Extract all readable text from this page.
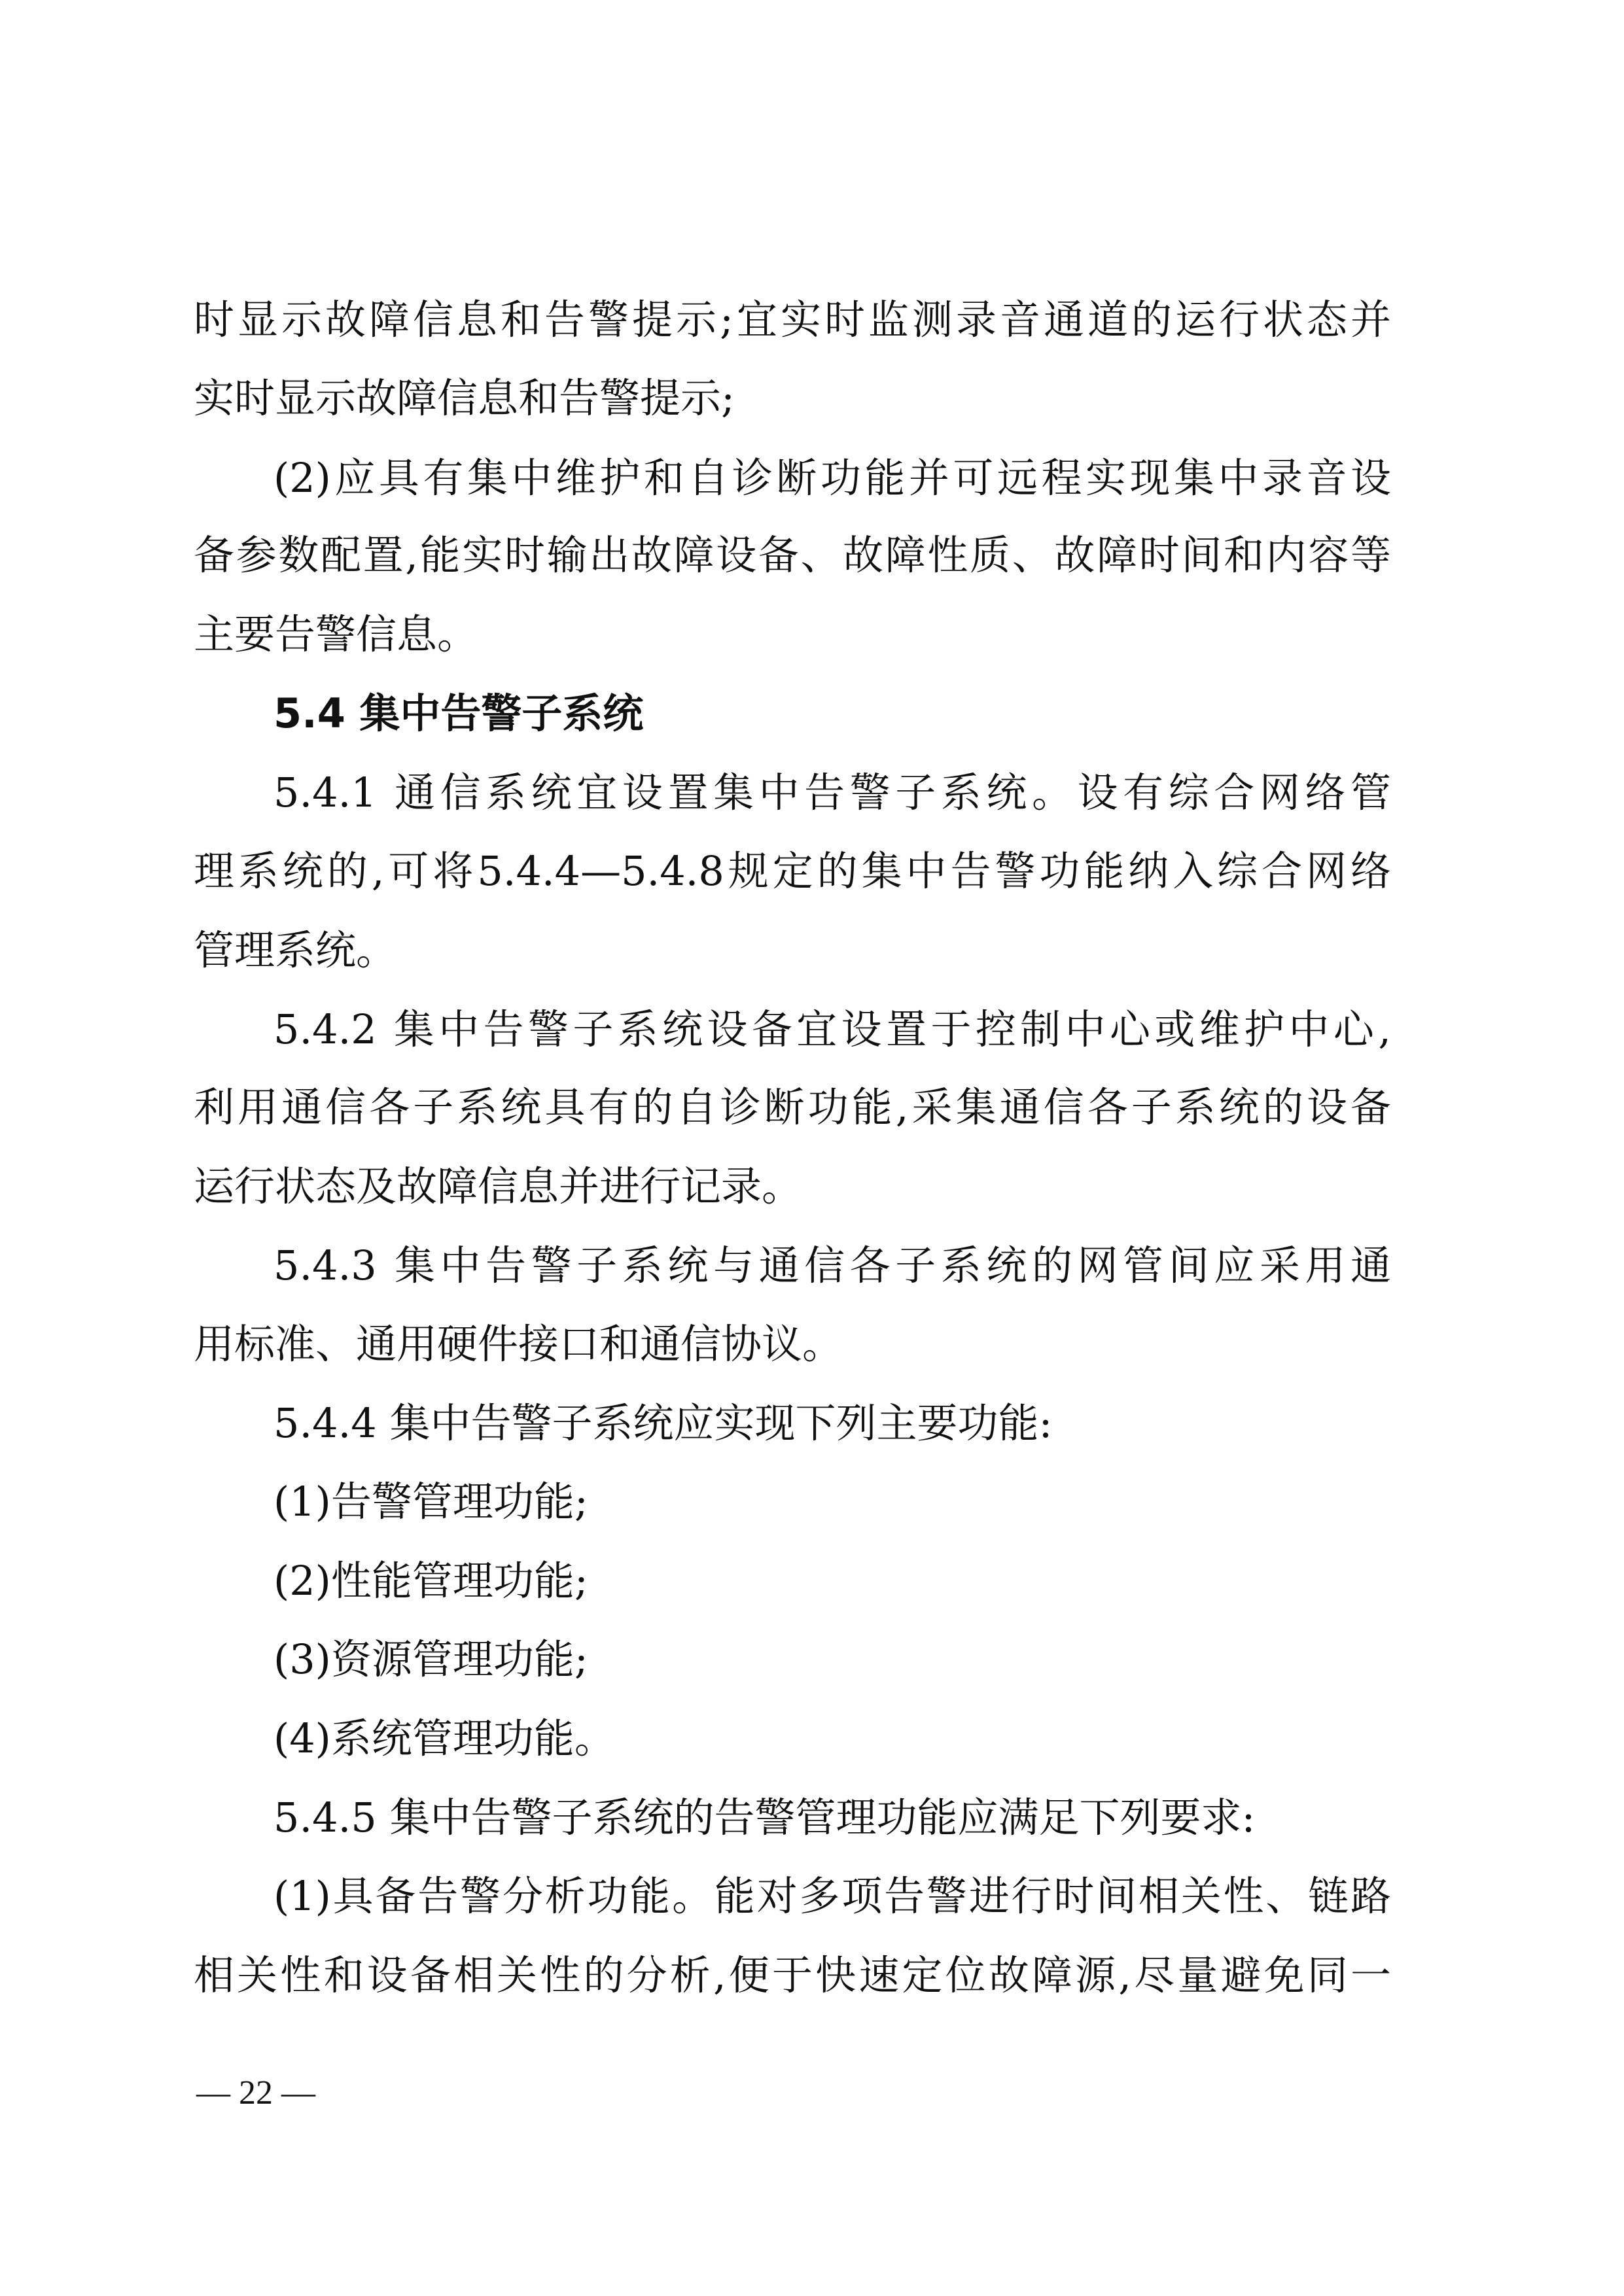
时显示故障信息和告警提示;宜实时监测录音通道的运行状态并
实时显示故障信息和告警提示;
(2)应具有集中维护和自诊断功能并可远程实现集中录音设
备参数配置,能实时输出故障设备、故障性质、故障时间和内容等
主要告警信息。
5.4 集中告警子系统
5.4.1 通信系统宜设置集中告警子系统。设有综合网络管
理系统的,可将5.4.4—5.4.8规定的集中告警功能纳入综合网络
管理系统。
5.4.2 集中告警子系统设备宜设置于控制中心或维护中心,
利用通信各子系统具有的自诊断功能,采集通信各子系统的设备
运行状态及故障信息并进行记录。
5.4.3 集中告警子系统与通信各子系统的网管间应采用通
用标准、通用硬件接口和通信协议。
5.4.4 集中告警子系统应实现下列主要功能:
(1)告警管理功能;
(2)性能管理功能;
(3)资源管理功能;
(4)系统管理功能。
5.4.5 集中告警子系统的告警管理功能应满足下列要求:
(1)具备告警分析功能。能对多项告警进行时间相关性、链路
相关性和设备相关性的分析,便于快速定位故障源,尽量避免同一
— 22 —
